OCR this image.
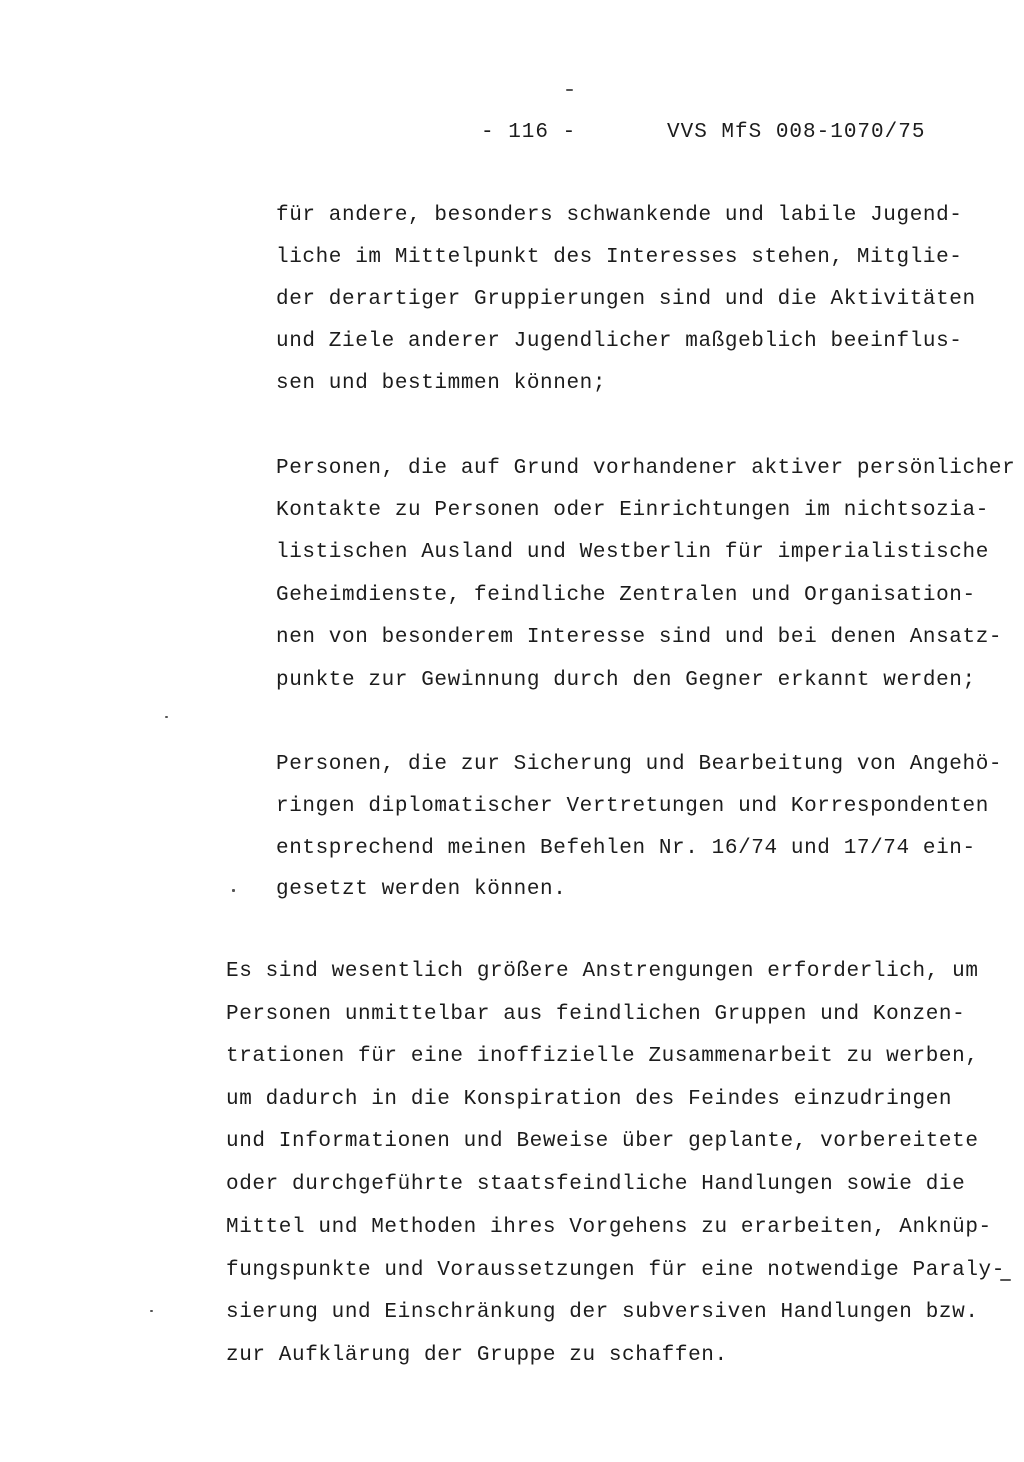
- 116 -	VVS MfS 008-1070/75
für andere, besonders schwankende und labile Jugend-
liche im Mittelpunkt des Interesses stehen, Mitglie-
der derartiger Gruppierungen sind und die Aktivitäten
und Ziele anderer Jugendlicher maßgeblich beeinflus-
sen und bestimmen können;
Personen, die auf Grund vorhandener aktiver persönlicher
Kontakte zu Personen oder Einrichtungen im nichtsozia-
listischen Ausland und Westberlin für imperialistische
Geheimdienste, feindliche Zentralen und Organisation-
nen von besonderem Interesse sind und bei denen Ansatz-
punkte zur Gewinnung durch den Gegner erkannt werden;
Personen, die zur Sicherung und Bearbeitung von Angehö-
ringen diplomatischer Vertretungen und Korrespondenten
entsprechend meinen Befehlen Nr. 16/74 und 17/74 ein-
gesetzt werden können.
Es sind wesentlich größere Anstrengungen erforderlich, um
Personen unmittelbar aus feindlichen Gruppen und Konzen-
trationen für eine inoffizielle Zusammenarbeit zu werben,
um dadurch in die Konspiration des Feindes einzudringen
und Informationen und Beweise über geplante, vorbereitete
oder durchgeführte staatsfeindliche Handlungen sowie die
Mittel und Methoden ihres Vorgehens zu erarbeiten, Anknüp-
fungspunkte und Voraussetzungen für eine notwendige Paraly-
sierung und Einschränkung der subversiven Handlungen bzw.
zur Aufklärung der Gruppe zu schaffen.
